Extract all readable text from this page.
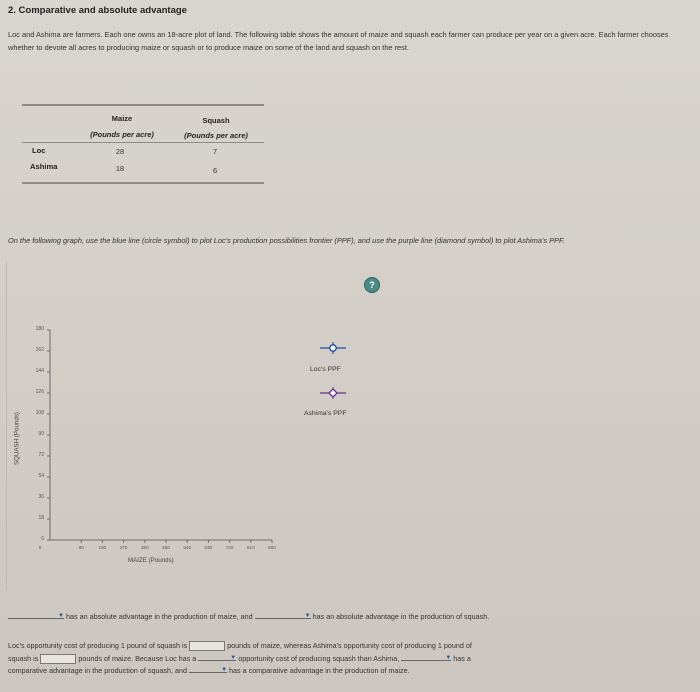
2. Comparative and absolute advantage
Loc and Ashima are farmers. Each one owns an 18-acre plot of land. The following table shows the amount of maize and squash each farmer can produce per year on a given acre. Each farmer chooses whether to devote all acres to producing maize or squash or to produce maize on some of the land and squash on the rest.
Maize
(Pounds per acre)
Squash
(Pounds per acre)
Loc	28	7
Ashima	18	6
On the following graph, use the blue line (circle symbol) to plot Loc's production possibilities frontier (PPF), and use the purple line (diamond symbol) to plot Ashima's PPF.
?
180
162
144
126
108
90
72
54
36
18
0
0	90	180	270	360	450	540	630	720	810	900
SQUASH (Pounds)
MAIZE (Pounds)
Loc's PPF
Ashima's PPF
▼ has an absolute advantage in the production of maize, and	▼ has an absolute advantage in the production of squash.
Loc's opportunity cost of producing 1 pound of squash is	pounds of maize, whereas Ashima's opportunity cost of producing 1 pound of
squash is	pounds of maize. Because Loc has a	▼ opportunity cost of producing squash than Ashima,	▼ has a
comparative advantage in the production of squash, and	▼ has a comparative advantage in the production of maize.
